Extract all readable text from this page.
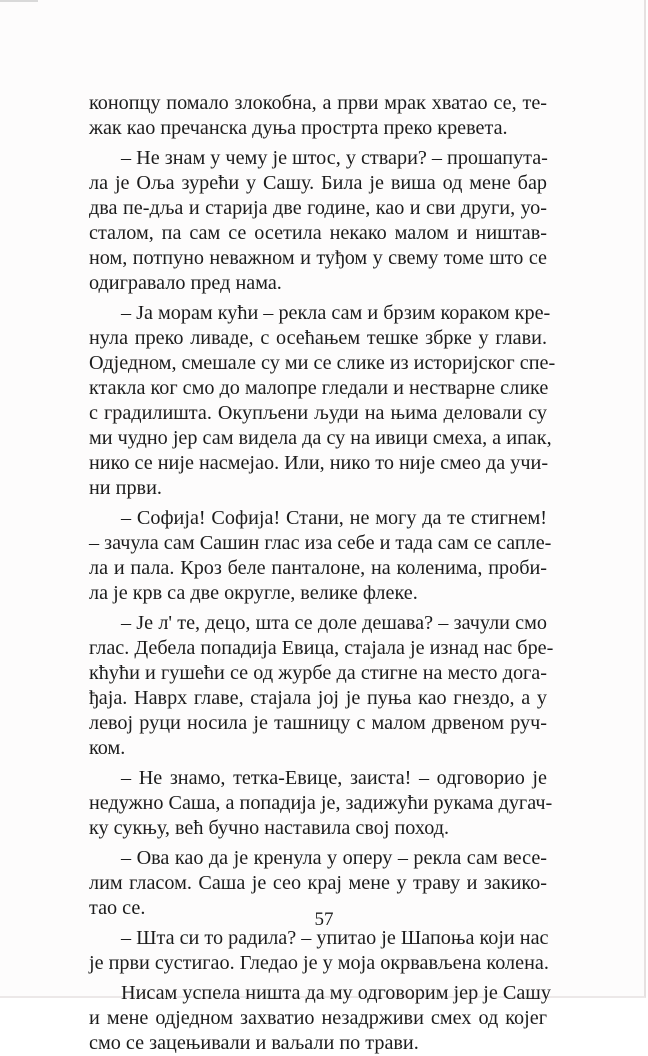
конопцу помало злокобна, а први мрак хватао се, те-
жак као пречанска дуња прострта преко кревета.
– Не знам у чему је штос, у ствари? – прошапута-
ла је Оља зурећи у Сашу. Била је виша од мене бар
два пе-дља и старија две године, као и сви други, уо-
сталом, па сам се осетила некако малом и ништав-
ном, потпуно неважном и туђом у свему томе што се
одигравало пред нама.
– Ја морам кући – рекла сам и брзим кораком кре-
нула преко ливаде, с осећањем тешке збрке у глави.
Одједном, смешале су ми се слике из историјског спе-
ктакла ког смо до малопре гледали и нестварне слике
с градилишта. Окупљени људи на њима деловали су
ми чудно јер сам видела да су на ивици смеха, а ипак,
нико се није насмејао. Или, нико то није смео да учи-
ни први.
– Софија! Софија! Стани, не могу да те стигнем!
– зачула сам Сашин глас иза себе и тада сам се сапле-
ла и пала. Кроз беле панталоне, на коленима, проби-
ла је крв са две округле, велике флеке.
– Је л' те, децо, шта се доле дешава? – зачули смо
глас. Дебела попадија Евица, стајала је изнад нас бре-
кћући и гушећи се од журбе да стигне на место дога-
ђаја. Наврх главе, стајала јој је пуња као гнездо, а у
левој руци носила је ташницу с малом дрвеном руч-
ком.
– Не знамо, тетка-Евице, заиста! – одговорио је
недужно Саша, а попадија је, задижући рукама дугач-
ку сукњу, већ бучно наставила свој поход.
– Ова као да је кренула у оперу – рекла сам весе-
лим гласом. Саша је сео крај мене у траву и закико-
тао се.
– Шта си то радила? – упитао је Шапоња који нас
је први сустигао. Гледао је у моја окрвављена колена.
Нисам успела ништа да му одговорим јер је Сашу
и мене одједном захватио незадрживи смех од којег
смо се зацењивали и ваљали по трави.
57
